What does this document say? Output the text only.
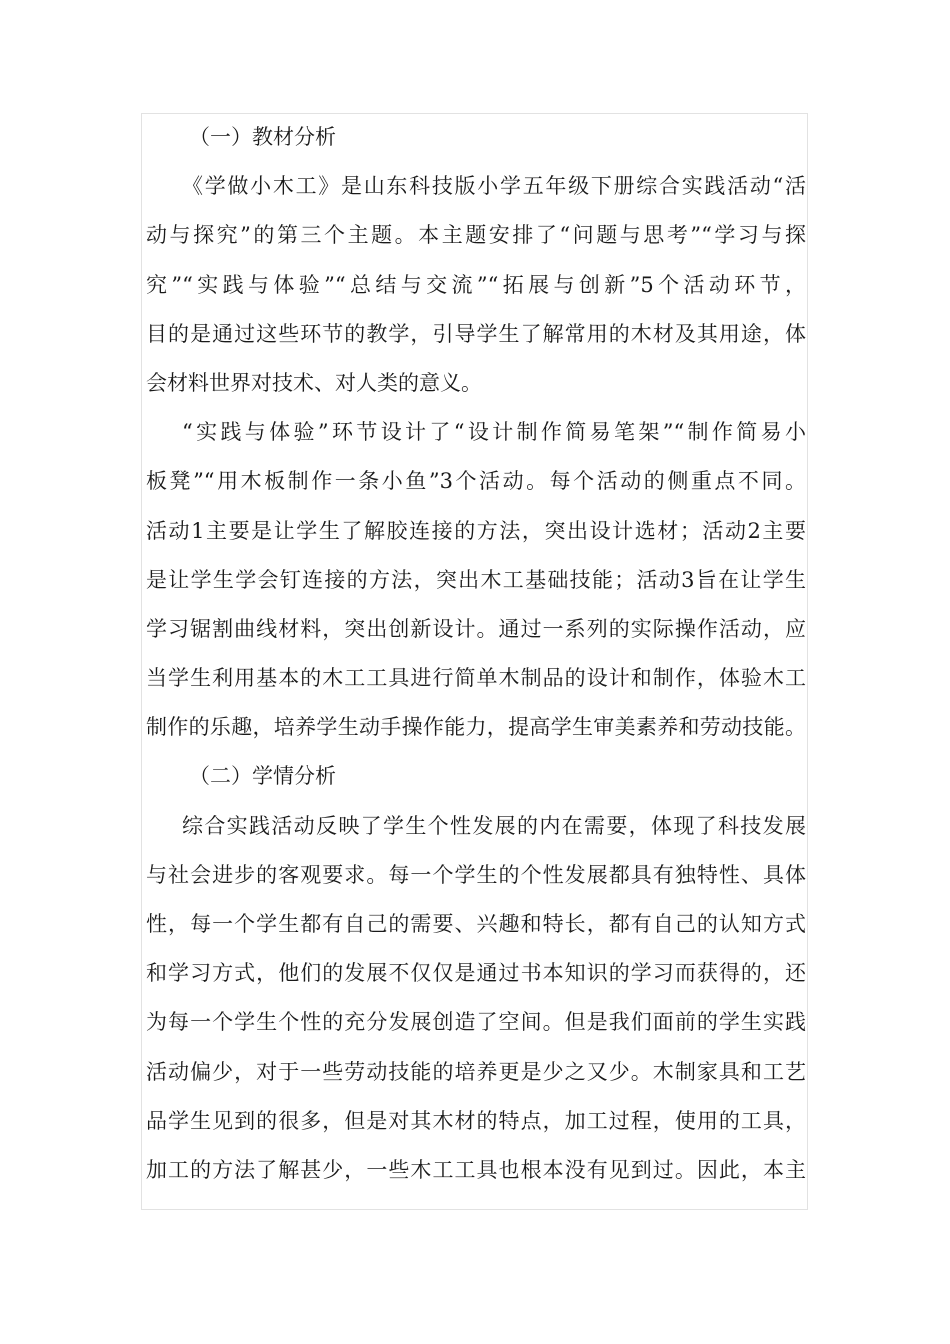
（一）教材分析
《学做小木工》是山东科技版小学五年级下册综合实践活动“活
动与探究”的第三个主题。本主题安排了“问题与思考”“学习与探
究”“实践与体验”“总结与交流”“拓展与创新”5个活动环节，
目的是通过这些环节的教学，引导学生了解常用的木材及其用途，体
会材料世界对技术、对人类的意义。
“实践与体验”环节设计了“设计制作简易笔架”“制作简易小
板凳”“用木板制作一条小鱼”3个活动。每个活动的侧重点不同。
活动1主要是让学生了解胶连接的方法，突出设计选材；活动2主要
是让学生学会钉连接的方法，突出木工基础技能；活动3旨在让学生
学习锯割曲线材料，突出创新设计。通过一系列的实际操作活动，应
当学生利用基本的木工工具进行简单木制品的设计和制作，体验木工
制作的乐趣，培养学生动手操作能力，提高学生审美素养和劳动技能。
（二）学情分析
综合实践活动反映了学生个性发展的内在需要，体现了科技发展
与社会进步的客观要求。每一个学生的个性发展都具有独特性、具体
性，每一个学生都有自己的需要、兴趣和特长，都有自己的认知方式
和学习方式，他们的发展不仅仅是通过书本知识的学习而获得的，还
为每一个学生个性的充分发展创造了空间。但是我们面前的学生实践
活动偏少，对于一些劳动技能的培养更是少之又少。木制家具和工艺
品学生见到的很多，但是对其木材的特点，加工过程，使用的工具，
加工的方法了解甚少，一些木工工具也根本没有见到过。因此，本主
